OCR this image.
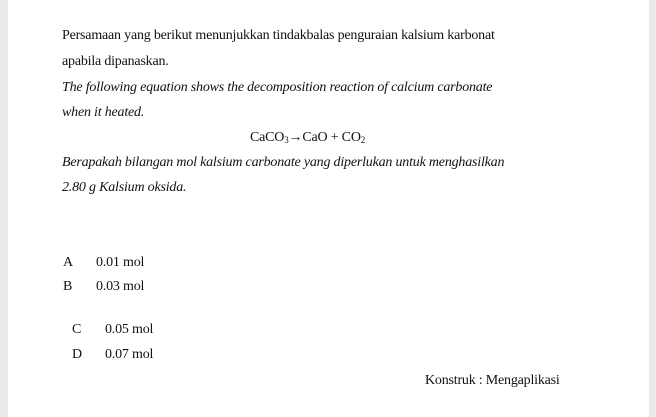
Persamaan yang berikut menunjukkan tindakbalas penguraian kalsium karbonat
apabila dipanaskan.
The following equation shows the decomposition reaction of calcium carbonate
when it heated.
CaCO$_3$→CaO + $CO_2$
Berapakah bilangan mol kalsium carbonate yang diperlukan untuk menghasilkan
2.80 g Kalsium oksida.
A 0.01 mol
B 0.03 mol
C 0.05 mol
D 0.07 mol
Konstruk : Mengaplikasi
